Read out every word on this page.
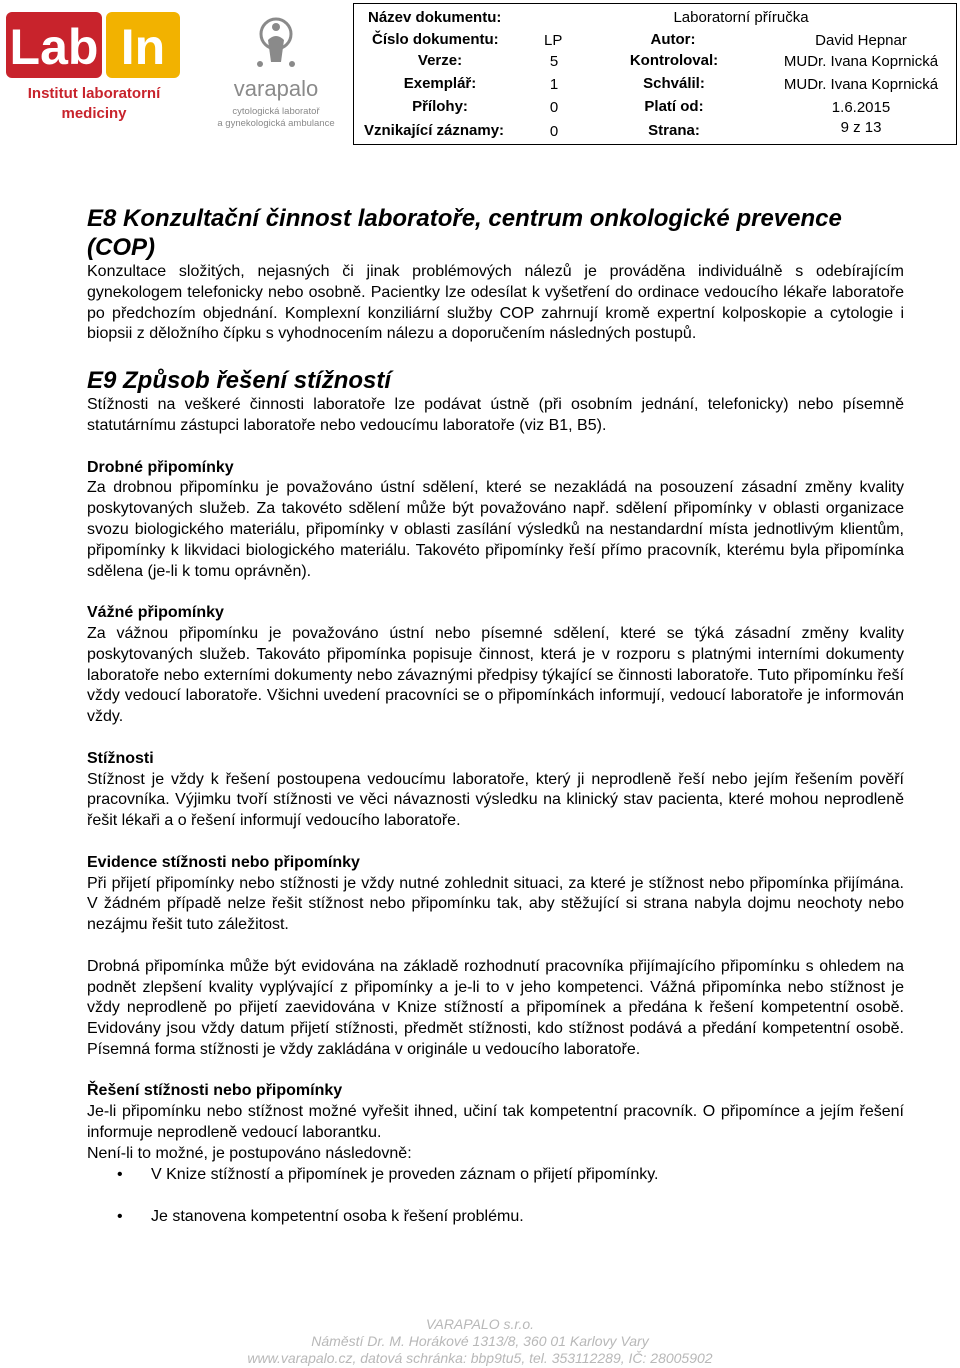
Lab In
Institut laboratorní
mediciny
varapalo
cytologická laboratoř
a gynekologická ambulance
Název dokumentu:	Laboratorní příručka
Číslo dokumentu:	LP	Autor:	David Hepnar
Verze:	5	Kontroloval:	MUDr. Ivana Koprnická
Exemplář:	1	Schválil:	MUDr. Ivana Koprnická
Přílohy:	0	Platí od:	1.6.2015
Vznikající záznamy:	0	Strana:	9 z 13
E8 Konzultační činnost laboratoře, centrum onkologické prevence (COP)

Konzultace složitých, nejasných či jinak problémových nálezů je prováděna individuálně s odebírajícím gynekologem telefonicky nebo osobně. Pacientky lze odesílat k vyšetření do ordinace vedoucího lékaře laboratoře po předchozím objednání. Komplexní konziliární služby COP zahrnují kromě expertní kolposkopie a cytologie i biopsii z děložního čípku s vyhodnocením nálezu a doporučením následných postupů.

E9 Způsob řešení stížností

Stížnosti na veškeré činnosti laboratoře lze podávat ústně (při osobním jednání, telefonicky) nebo písemně statutárnímu zástupci laboratoře nebo vedoucímu laboratoře (viz B1, B5).

Drobné připomínky

Za drobnou připomínku je považováno ústní sdělení, které se nezakládá na posouzení zásadní změny kvality poskytovaných služeb. Za takovéto sdělení může být považováno např. sdělení připomínky v oblasti organizace svozu biologického materiálu, připomínky v oblasti zasílání výsledků na nestandardní místa jednotlivým klientům, připomínky k likvidaci biologického materiálu. Takovéto připomínky řeší přímo pracovník, kterému byla připomínka sdělena (je-li k tomu oprávněn).

Vážné připomínky

Za vážnou připomínku je považováno ústní nebo písemné sdělení, které se týká zásadní změny kvality poskytovaných služeb. Takováto připomínka popisuje činnost, která je v rozporu s platnými interními dokumenty laboratoře nebo externími dokumenty nebo závaznými předpisy týkající se činnosti laboratoře. Tuto připomínku řeší vždy vedoucí laboratoře. Všichni uvedení pracovníci se o připomínkách informují, vedoucí laboratoře je informován vždy.

Stížnosti

Stížnost je vždy k řešení postoupena vedoucímu laboratoře, který ji neprodleně řeší nebo jejím řešením pověří pracovníka. Výjimku tvoří stížnosti ve věci návaznosti výsledku na klinický stav pacienta, které mohou neprodleně řešit lékaři a o řešení informují vedoucího laboratoře.

Evidence stížnosti nebo připomínky

Při přijetí připomínky nebo stížnosti je vždy nutné zohlednit situaci, za které je stížnost nebo připomínka přijímána. V žádném případě nelze řešit stížnost nebo připomínku tak, aby stěžující si strana nabyla dojmu neochoty nebo nezájmu řešit tuto záležitost.

Drobná připomínka může být evidována na základě rozhodnutí pracovníka přijímajícího připomínku s ohledem na podnět zlepšení kvality vyplývající z připomínky a je-li to v jeho kompetenci. Vážná připomínka nebo stížnost je vždy neprodleně po přijetí zaevidována v Knize stížností a připomínek a předána k řešení kompetentní osobě. Evidovány jsou vždy datum přijetí stížnosti, předmět stížnosti, kdo stížnost podává a předání kompetentní osobě. Písemná forma stížnosti je vždy zakládána v originále u vedoucího laboratoře.

Řešení stížnosti nebo připomínky

Je-li připomínku nebo stížnost možné vyřešit ihned, učiní tak kompetentní pracovník. O připomínce a jejím řešení informuje neprodleně vedoucí laborantku.

Není-li to možné, je postupováno následovně:

• V Knize stížností a připomínek je proveden záznam o přijetí připomínky.
• Je stanovena kompetentní osoba k řešení problému.
VARAPALO s.r.o.
Náměstí Dr. M. Horákové 1313/8, 360 01 Karlovy Vary
www.varapalo.cz, datová schránka: bbp9tu5, tel. 353112289, IČ: 28005902
